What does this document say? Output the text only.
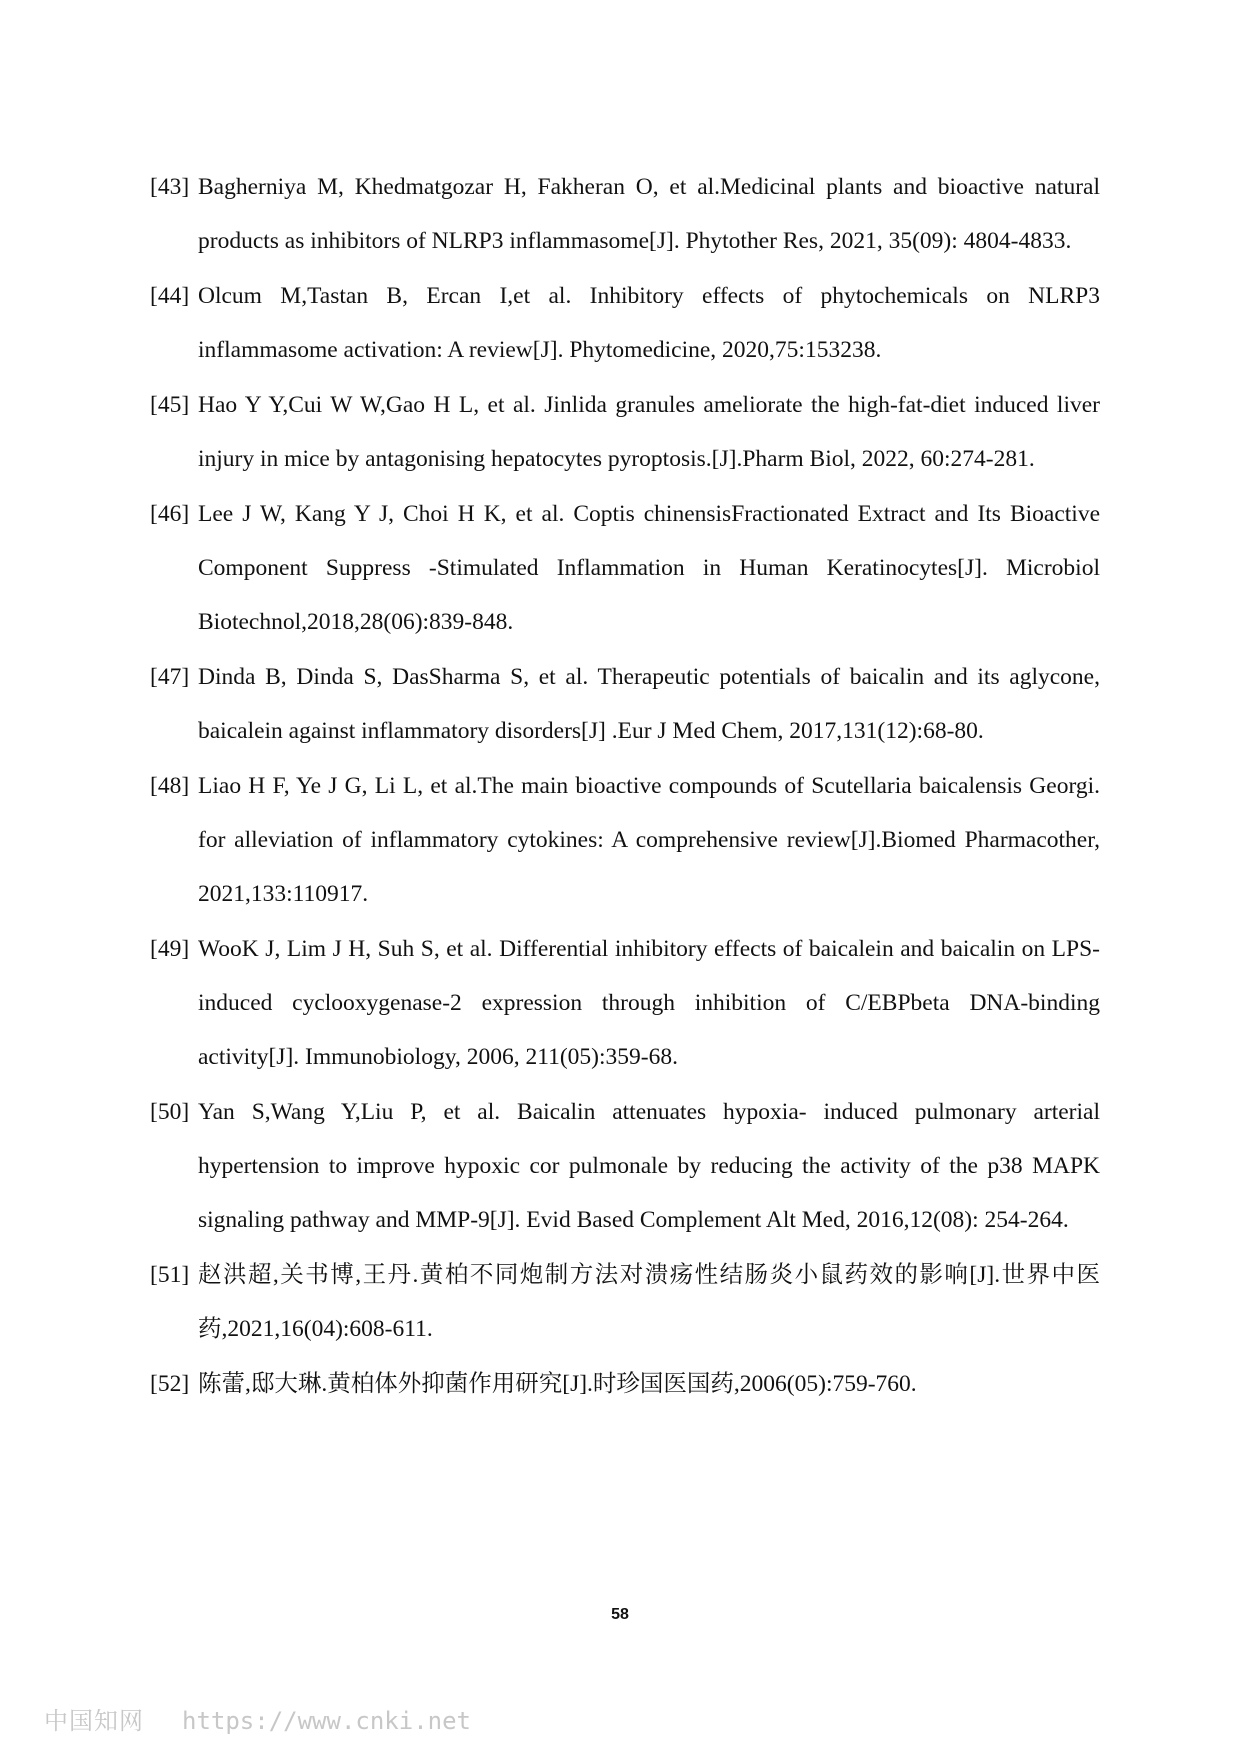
[43] Bagherniya M, Khedmatgozar H, Fakheran O, et al.Medicinal plants and bioactive natural products as inhibitors of NLRP3 inflammasome[J]. Phytother Res, 2021, 35(09): 4804-4833.
[44] Olcum M,Tastan B, Ercan I,et al. Inhibitory effects of phytochemicals on NLRP3 inflammasome activation: A review[J]. Phytomedicine, 2020,75:153238.
[45] Hao Y Y,Cui W W,Gao H L, et al. Jinlida granules ameliorate the high-fat-diet induced liver injury in mice by antagonising hepatocytes pyroptosis.[J].Pharm Biol, 2022, 60:274-281.
[46] Lee J W, Kang Y J, Choi H K, et al. Coptis chinensisFractionated Extract and Its Bioactive Component Suppress -Stimulated Inflammation in Human Keratinocytes[J]. Microbiol Biotechnol,2018,28(06):839-848.
[47] Dinda B, Dinda S, DasSharma S, et al. Therapeutic potentials of baicalin and its aglycone, baicalein against inflammatory disorders[J] .Eur J Med Chem, 2017,131(12):68-80.
[48] Liao H F, Ye J G, Li L, et al.The main bioactive compounds of Scutellaria baicalensis Georgi. for alleviation of inflammatory cytokines: A comprehensive review[J].Biomed Pharmacother, 2021,133:110917.
[49] WooK J, Lim J H, Suh S, et al. Differential inhibitory effects of baicalein and baicalin on LPS-induced cyclooxygenase-2 expression through inhibition of C/EBPbeta DNA-binding activity[J]. Immunobiology, 2006, 211(05):359-68.
[50] Yan S,Wang Y,Liu P, et al. Baicalin attenuates hypoxia- induced pulmonary arterial hypertension to improve hypoxic cor pulmonale by reducing the activity of the p38 MAPK signaling pathway and MMP-9[J]. Evid Based Complement Alt Med, 2016,12(08): 254-264.
[51] 赵洪超,关书博,王丹.黄柏不同炮制方法对溃疡性结肠炎小鼠药效的影响[J].世界中医药,2021,16(04):608-611.
[52] 陈蕾,邸大琳.黄柏体外抑菌作用研究[J].时珍国医国药,2006(05):759-760.
58
中国知网 https://www.cnki.net
